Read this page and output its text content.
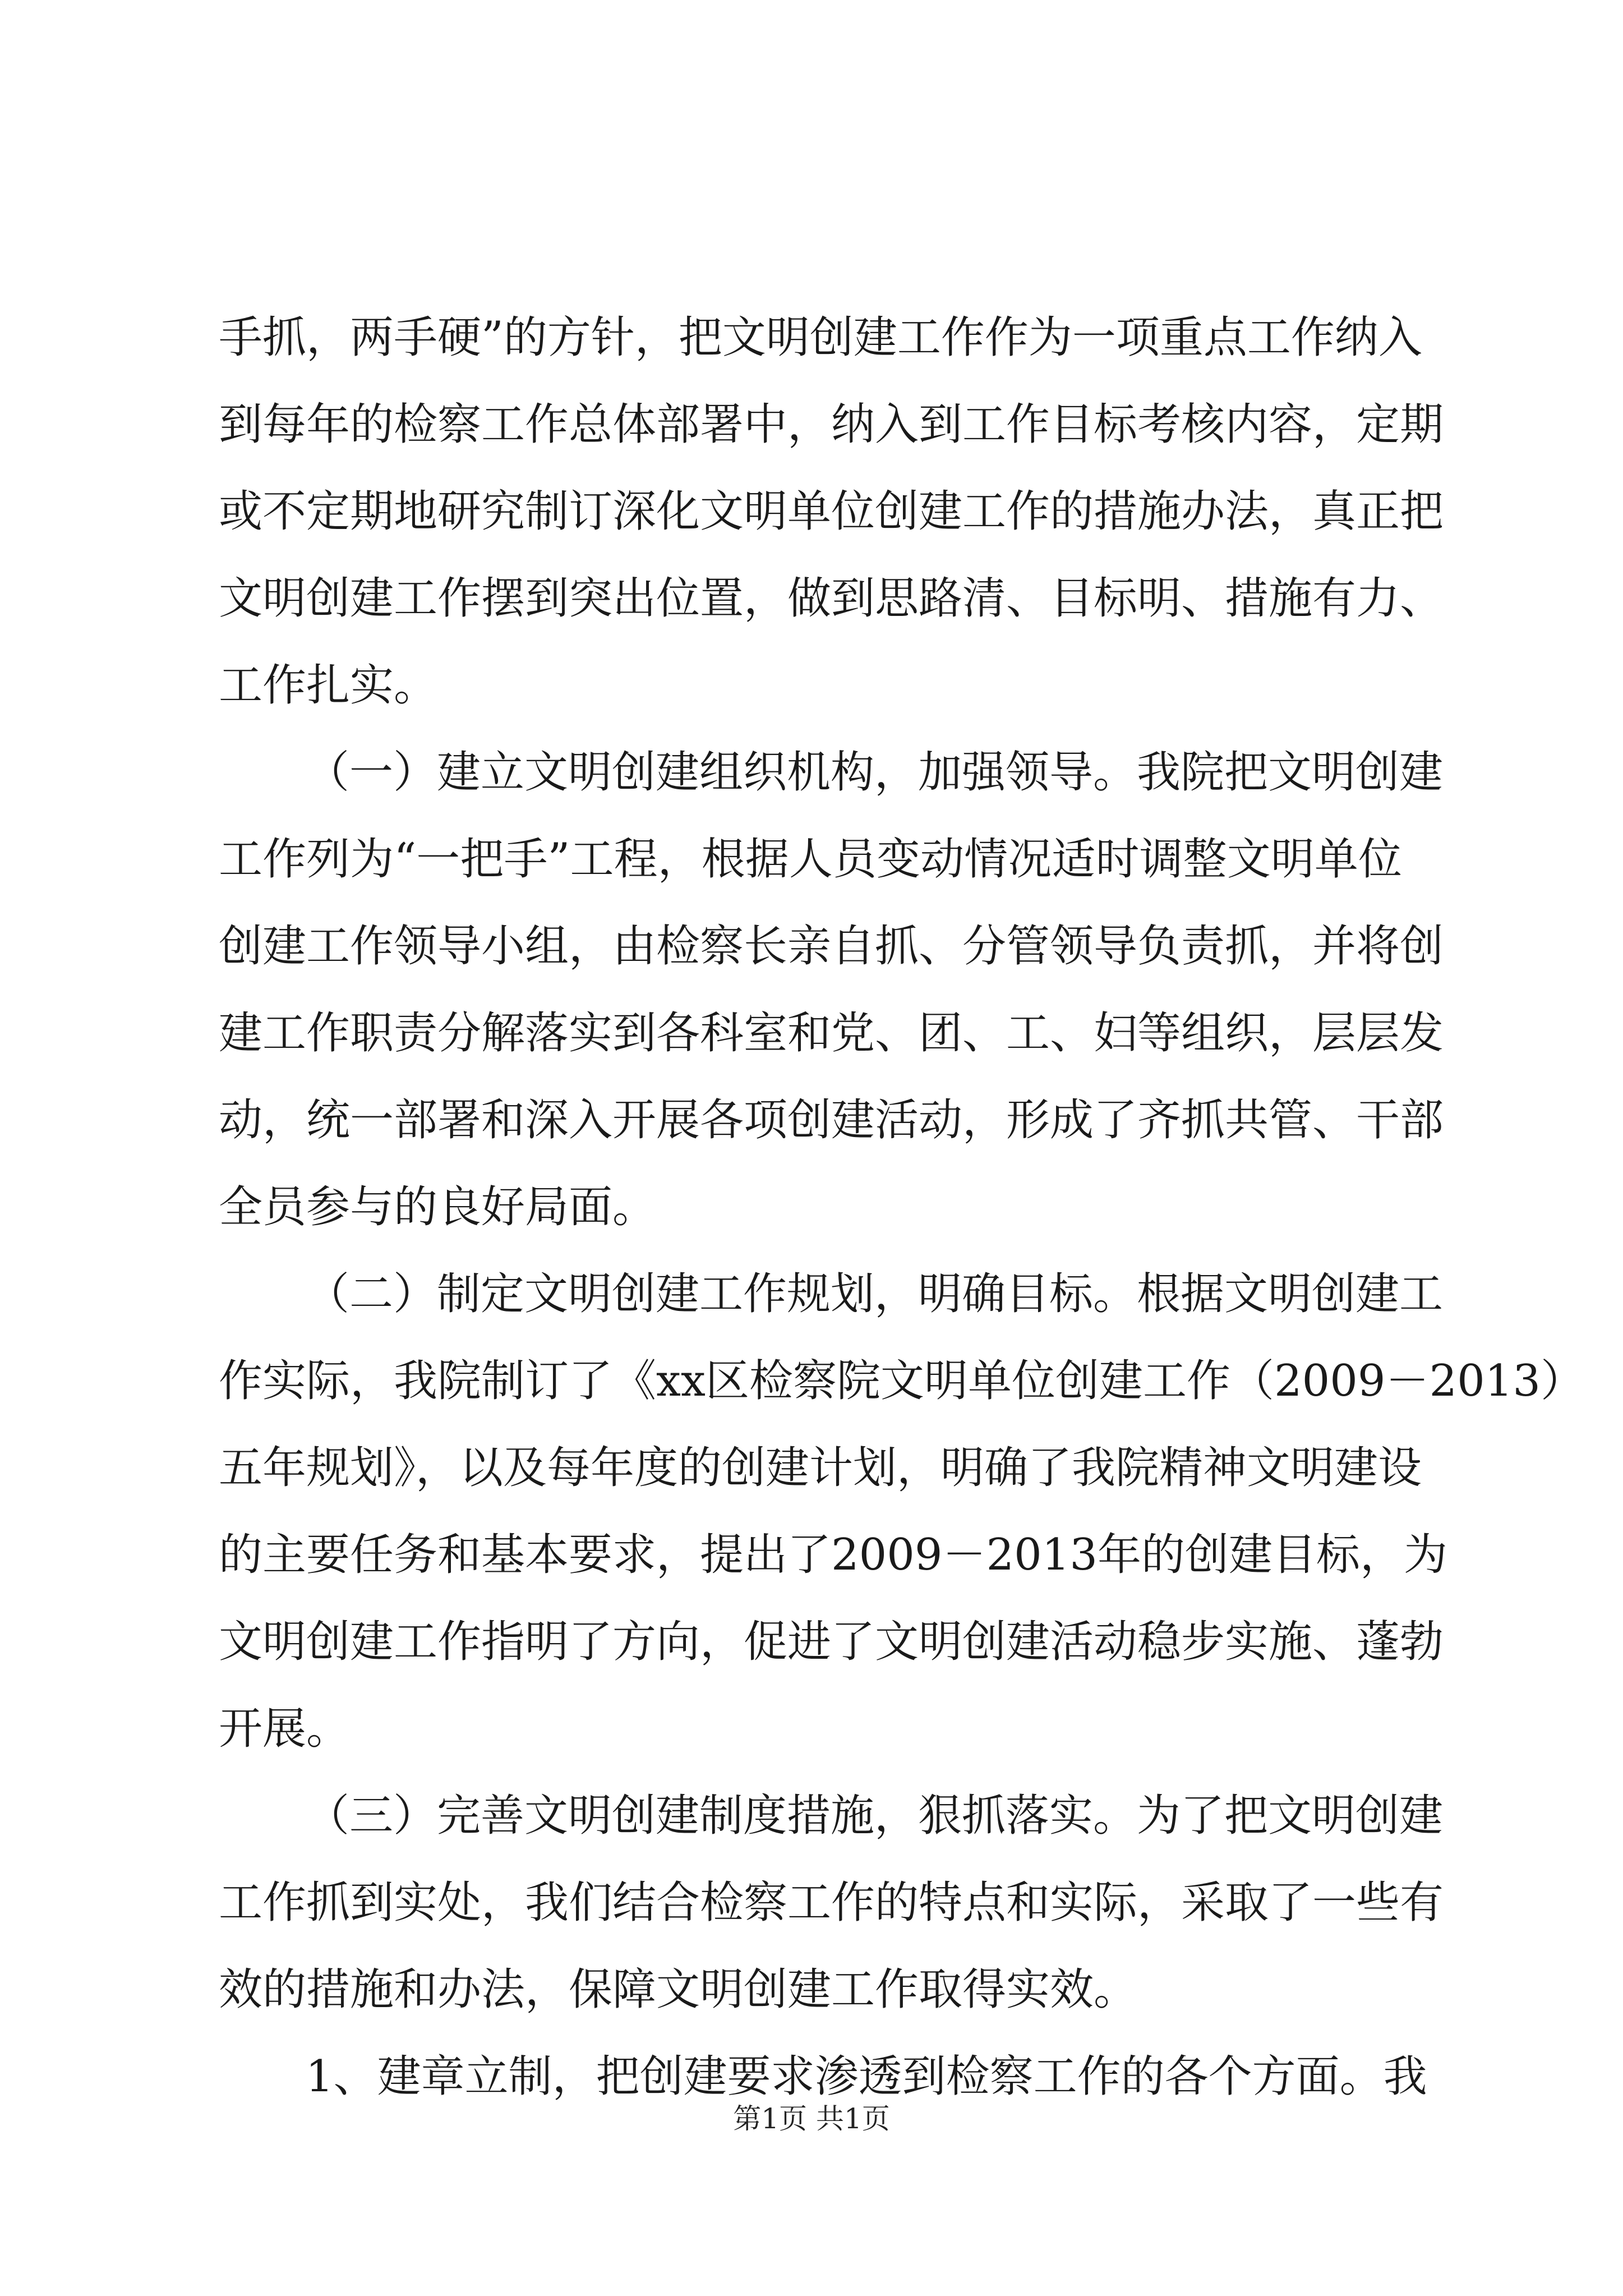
手抓，两手硬”的方针，把文明创建工作作为一项重点工作纳入
到每年的检察工作总体部署中，纳入到工作目标考核内容，定期
或不定期地研究制订深化文明单位创建工作的措施办法，真正把
文明创建工作摆到突出位置，做到思路清、目标明、措施有力、
工作扎实。
（一）建立文明创建组织机构，加强领导。我院把文明创建
工作列为“一把手”工程，根据人员变动情况适时调整文明单位
创建工作领导小组，由检察长亲自抓、分管领导负责抓，并将创
建工作职责分解落实到各科室和党、团、工、妇等组织，层层发
动，统一部署和深入开展各项创建活动，形成了齐抓共管、干部
全员参与的良好局面。
（二）制定文明创建工作规划，明确目标。根据文明创建工
作实际，我院制订了《xx区检察院文明单位创建工作（2009－2013）
五年规划》，以及每年度的创建计划，明确了我院精神文明建设
的主要任务和基本要求，提出了2009－2013年的创建目标，为
文明创建工作指明了方向，促进了文明创建活动稳步实施、蓬勃
开展。
（三）完善文明创建制度措施，狠抓落实。为了把文明创建
工作抓到实处，我们结合检察工作的特点和实际，采取了一些有
效的措施和办法，保障文明创建工作取得实效。
1、建章立制，把创建要求渗透到检察工作的各个方面。我
第1页 共1页
